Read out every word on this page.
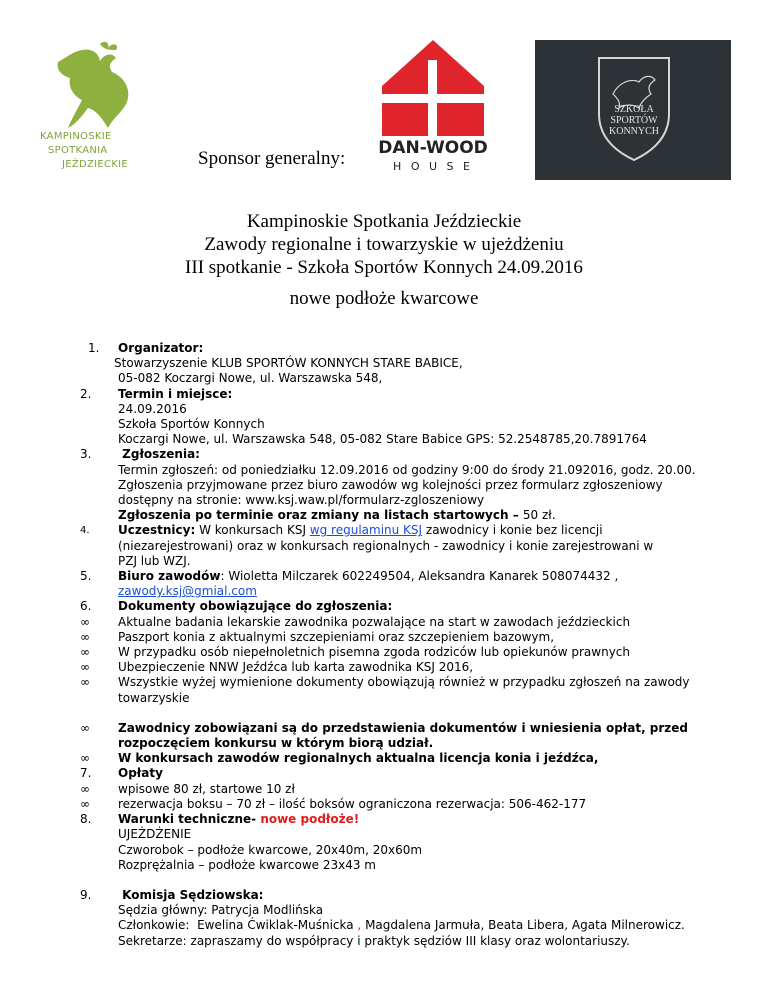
KAMPINOSKIE
SPOTKANIA
JEŹDZIECKIE
DAN-WOOD
H O U S E
SZKOŁA
SPORTÓW
KONNYCH
Sponsor generalny:
Kampinoskie Spotkania Jeździeckie
Zawody regionalne i towarzyskie w ujeżdżeniu
III spotkanie - Szkoła Sportów Konnych 24.09.2016
nowe podłoże kwarcowe
1.	Organizator:
Stowarzyszenie KLUB SPORTÓW KONNYCH STARE BABICE,
05-082 Koczargi Nowe, ul. Warszawska 548,
2.	Termin i miejsce:
24.09.2016
Szkoła Sportów Konnych
Koczargi Nowe, ul. Warszawska 548, 05-082 Stare Babice GPS: 52.2548785,20.7891764
3.	Zgłoszenia:
Termin zgłoszeń: od poniedziałku 12.09.2016 od godziny 9:00 do środy 21.092016, godz. 20.00.
Zgłoszenia przyjmowane przez biuro zawodów wg kolejności przez formularz zgłoszeniowy
dostępny na stronie: www.ksj.waw.pl/formularz-zgloszeniowy
Zgłoszenia po terminie oraz zmiany na listach startowych – 50 zł.
4.	Uczestnicy: W konkursach KSJ wg regulaminu KSJ zawodnicy i konie bez licencji
(niezarejestrowani) oraz w konkursach regionalnych - zawodnicy i konie zarejestrowani w
PZJ lub WZJ.
5.	Biuro zawodów: Wioletta Milczarek 602249504, Aleksandra Kanarek 508074432 ,
zawody.ksj@gmial.com
6.	Dokumenty obowiązujące do zgłoszenia:
∞	Aktualne badania lekarskie zawodnika pozwalające na start w zawodach jeździeckich
∞	Paszport konia z aktualnymi szczepieniami oraz szczepieniem bazowym,
∞	W przypadku osób niepełnoletnich pisemna zgoda rodziców lub opiekunów prawnych
∞	Ubezpieczenie NNW Jeźdźca lub karta zawodnika KSJ 2016,
∞	Wszystkie wyżej wymienione dokumenty obowiązują również w przypadku zgłoszeń na zawody
towarzyskie
∞	Zawodnicy zobowiązani są do przedstawienia dokumentów i wniesienia opłat, przed
rozpoczęciem konkursu w którym biorą udział.
∞	W konkursach zawodów regionalnych aktualna licencja konia i jeźdźca,
7.	Opłaty
∞	wpisowe 80 zł, startowe 10 zł
∞	rezerwacja boksu – 70 zł – ilość boksów ograniczona rezerwacja: 506-462-177
8.	Warunki techniczne- nowe podłoże!
UJEŻDŻENIE
Czworobok – podłoże kwarcowe, 20x40m, 20x60m
Rozprężalnia – podłoże kwarcowe 23x43 m
9.	Komisja Sędziowska:
Sędzia główny: Patrycja Modlińska
Członkowie:  Ewelina Ćwiklak-Muśnicka , Magdalena Jarmuła, Beata Libera, Agata Milnerowicz.
Sekretarze: zapraszamy do współpracy i praktyk sędziów III klasy oraz wolontariuszy.
